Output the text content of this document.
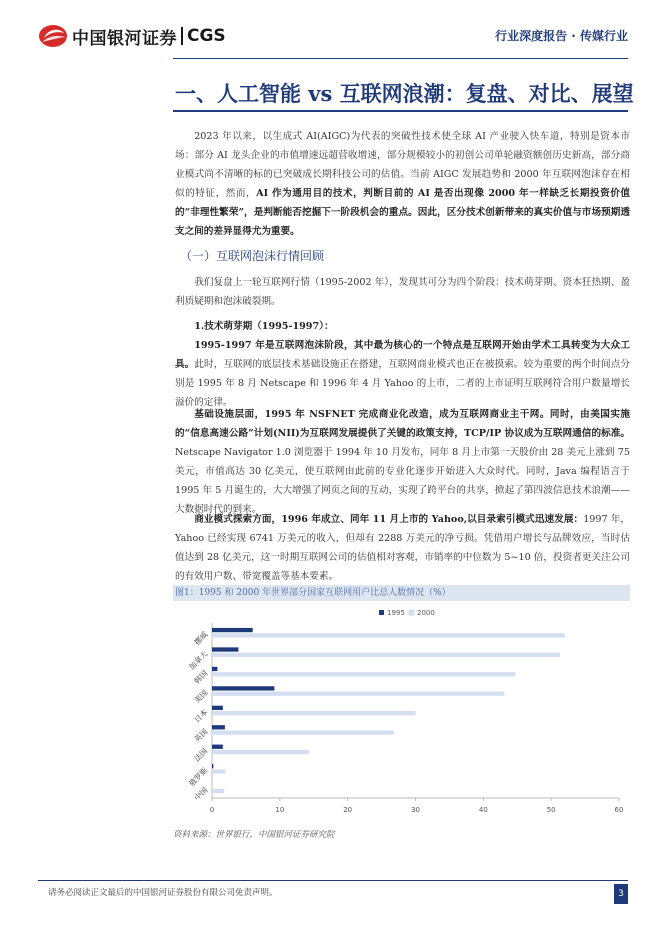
中国银河证券 CGS	行业深度报告 · 传媒行业
一、人工智能 vs 互联网浪潮：复盘、对比、展望
2023 年以来，以生成式 AI(AIGC)为代表的突破性技术使全球 AI 产业驶入快车道，特别是资本市场：部分 AI 龙头企业的市值增速远超营收增速，部分规模较小的初创公司单轮融资额创历史新高，部分商业模式尚不清晰的标的已突破成长期科技公司的估值。当前 AIGC 发展趋势和 2000 年互联网泡沫存在相似的特征，然而，AI 作为通用目的技术，判断目前的 AI 是否出现像 2000 年一样缺乏长期投资价值的“非理性繁荣”，是判断能否挖掘下一阶段机会的重点。因此，区分技术创新带来的真实价值与市场预期透支之间的差异显得尤为重要。
（一）互联网泡沫行情回顾
我们复盘上一轮互联网行情（1995-2002 年），发现其可分为四个阶段：技术萌芽期、资本狂热期、盈利质疑期和泡沫破裂期。
1.技术萌芽期（1995-1997）：
1995-1997 年是互联网泡沫阶段，其中最为核心的一个特点是互联网开始由学术工具转变为大众工具。此时，互联网的底层技术基础设施正在搭建，互联网商业模式也正在被摸索。较为重要的两个时间点分别是 1995 年 8 月 Netscape 和 1996 年 4 月 Yahoo 的上市，二者的上市证明互联网符合用户数量增长溢价的定律。
基础设施层面，1995 年 NSFNET 完成商业化改造，成为互联网商业主干网。同时，由美国实施的“信息高速公路”计划(NII)为互联网发展提供了关键的政策支持，TCP/IP 协议成为互联网通信的标准。Netscape Navigator 1.0 浏览器于 1994 年 10 月发布，同年 8 月上市第一天股价由 28 美元上涨到 75 美元，市值高达 30 亿美元，使互联网由此前的专业化逐步开始进入大众时代。同时，Java 编程语言于 1995 年 5 月诞生的，大大增强了网页之间的互动，实现了跨平台的共享，掀起了第四波信息技术浪潮——大数据时代的到来。
商业模式探索方面，1996 年成立、同年 11 月上市的 Yahoo,以目录索引模式迅速发展：1997 年，Yahoo 已经实现 6741 万美元的收入，但却有 2288 万美元的净亏损。凭借用户增长与品牌效应，当时估值达到 28 亿美元，这一时期互联网公司的估值相对客观，市销率的中位数为 5~10 倍，投资者更关注公司的有效用户数、带宽覆盖等基本要素。
图1：1995 和 2000 年世界部分国家互联网用户比总人数情况（%）
0	10	20	30	40	50	60
1995 2000
挪威
加拿大
韩国
美国
日本
英国
法国
俄罗斯
中国
资料来源：世界银行，中国银河证券研究院
请务必阅读正文最后的中国银河证券股份有限公司免责声明。	3
